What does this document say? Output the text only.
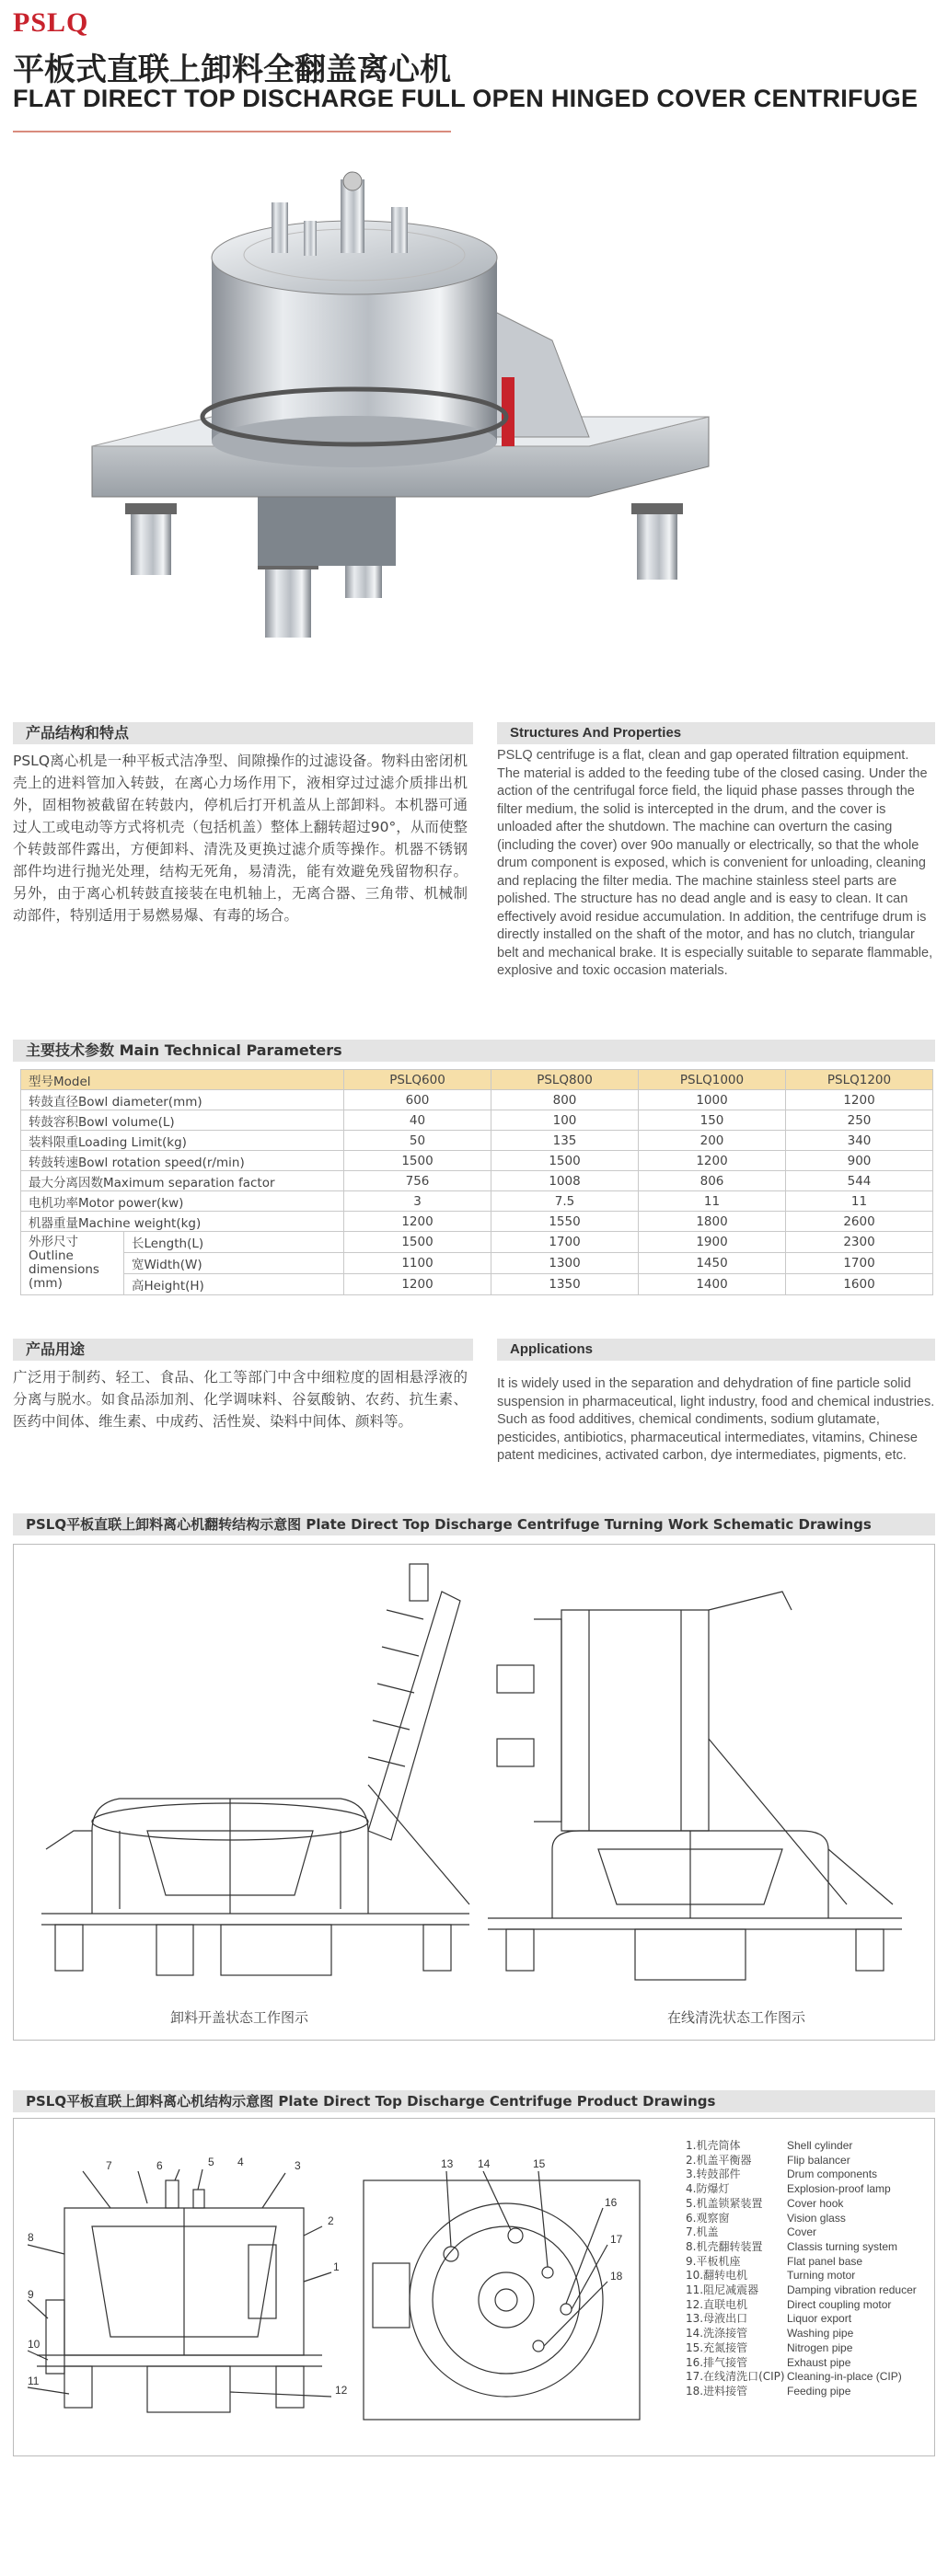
PSLQ
平板式直联上卸料全翻盖离心机
FLAT DIRECT TOP DISCHARGE FULL OPEN HINGED COVER CENTRIFUGE
产品结构和特点
PSLQ离心机是一种平板式洁净型、间隙操作的过滤设备。物料由密闭机壳上的进料管加入转鼓，在离心力场作用下，液相穿过过滤介质排出机外，固相物被截留在转鼓内，停机后打开机盖从上部卸料。本机器可通过人工或电动等方式将机壳（包括机盖）整体上翻转超过90°，从而使整个转鼓部件露出，方便卸料、清洗及更换过滤介质等操作。机器不锈钢部件均进行抛光处理，结构无死角，易清洗，能有效避免残留物积存。另外，由于离心机转鼓直接装在电机轴上，无离合器、三角带、机械制动部件，特别适用于易燃易爆、有毒的场合。
Structures And Properties
PSLQ centrifuge is a flat, clean and gap operated filtration equipment. The material is added to the feeding tube of the closed casing. Under the action of the centrifugal force field, the liquid phase passes through the filter medium, the solid is intercepted in the drum, and the cover is unloaded after the shutdown. The machine can overturn the casing (including the cover) over 90o manually or electrically, so that the whole drum component is exposed, which is convenient for unloading, cleaning and replacing the filter media. The machine stainless steel parts are polished. The structure has no dead angle and is easy to clean. It can effectively avoid residue accumulation. In addition, the centrifuge drum is directly installed on the shaft of the motor, and has no clutch, triangular belt and mechanical brake. It is especially suitable to separate flammable, explosive and toxic occasion materials.
主要技术参数 Main Technical Parameters
型号Model		PSLQ600	PSLQ800	PSLQ1000	PSLQ1200
转鼓直径Bowl diameter(mm)		600	800	1000	1200
转鼓容积Bowl volume(L)		40	100	150	250
装料限重Loading Limit(kg)		50	135	200	340
转鼓转速Bowl rotation speed(r/min)		1500	1500	1200	900
最大分离因数Maximum separation factor		756	1008	806	544
电机功率Motor power(kw)		3	7.5	11	11
机器重量Machine weight(kg)		1200	1550	1800	2600

外形尺寸
Outline dimensions (mm)	长Length(L)	1500	1700	1900	2300
	宽Width(W)	1100	1300	1450	1700
	高Height(H)	1200	1350	1400	1600
产品用途
广泛用于制药、轻工、食品、化工等部门中含中细粒度的固相悬浮液的分离与脱水。如食品添加剂、化学调味料、谷氨酸钠、农药、抗生素、医药中间体、维生素、中成药、活性炭、染料中间体、颜料等。
Applications
It is widely used in the separation and dehydration of fine particle solid suspension in pharmaceutical, light industry, food and chemical industries. Such as food additives, chemical condiments, sodium glutamate, pesticides, antibiotics, pharmaceutical intermediates, vitamins, Chinese patent medicines, activated carbon, dye intermediates, pigments, etc.
PSLQ平板直联上卸料离心机翻转结构示意图 Plate Direct Top Discharge Centrifuge Turning Work Schematic Drawings
卸料开盖状态工作图示	在线清洗状态工作图示
PSLQ平板直联上卸料离心机结构示意图 Plate Direct Top Discharge Centrifuge Product Drawings
7	6	5 4	3
2
1
8
9
10
11
12
13 14	15
16
17
18
1.机壳筒体	Shell cylinder
2.机盖平衡器	Flip balancer
3.转鼓部件	Drum components
4.防爆灯	Explosion-proof lamp
5.机盖锁紧装置	Cover hook
6.观察窗	Vision glass
7.机盖	Cover
8.机壳翻转装置	Classis turning system
9.平板机座	Flat panel base
10.翻转电机	Turning motor
11.阻尼减震器	Damping vibration reducer
12.直联电机	Direct coupling motor
13.母液出口	Liquor export
14.洗涤接管	Washing pipe
15.充氮接管	Nitrogen pipe
16.排气接管	Exhaust pipe
17.在线清洗口(CIP) Cleaning-in-place (CIP)
18.进料接管	Feeding pipe
